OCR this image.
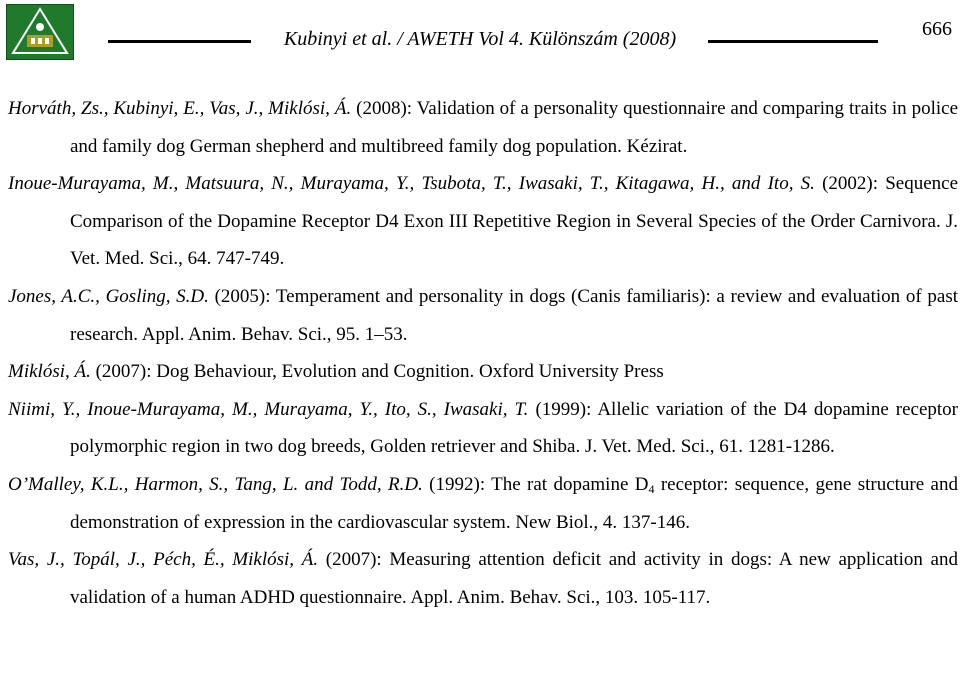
Kubinyi et al. / AWETH Vol 4. Különszám (2008)	666

Horváth, Zs., Kubinyi, E., Vas, J., Miklósi, Á. (2008): Validation of a personality questionnaire and comparing traits in police and family dog German shepherd and multibreed family dog population. Kézirat.

Inoue-Murayama, M., Matsuura, N., Murayama, Y., Tsubota, T., Iwasaki, T., Kitagawa, H., and Ito, S. (2002): Sequence Comparison of the Dopamine Receptor D4 Exon III Repetitive Region in Several Species of the Order Carnivora. J. Vet. Med. Sci., 64. 747-749.

Jones, A.C., Gosling, S.D. (2005): Temperament and personality in dogs (Canis familiaris): a review and evaluation of past research. Appl. Anim. Behav. Sci., 95. 1–53.

Miklósi, Á. (2007): Dog Behaviour, Evolution and Cognition. Oxford University Press

Niimi, Y., Inoue-Murayama, M., Murayama, Y., Ito, S., Iwasaki, T. (1999): Allelic variation of the D4 dopamine receptor polymorphic region in two dog breeds, Golden retriever and Shiba. J. Vet. Med. Sci., 61. 1281-1286.

O’Malley, K.L., Harmon, S., Tang, L. and Todd, R.D. (1992): The rat dopamine $D_4$ receptor: sequence, gene structure and demonstration of expression in the cardiovascular system. New Biol., 4. 137-146.

Vas, J., Topál, J., Péch, É., Miklósi, Á. (2007): Measuring attention deficit and activity in dogs: A new application and validation of a human ADHD questionnaire. Appl. Anim. Behav. Sci., 103. 105-117.
